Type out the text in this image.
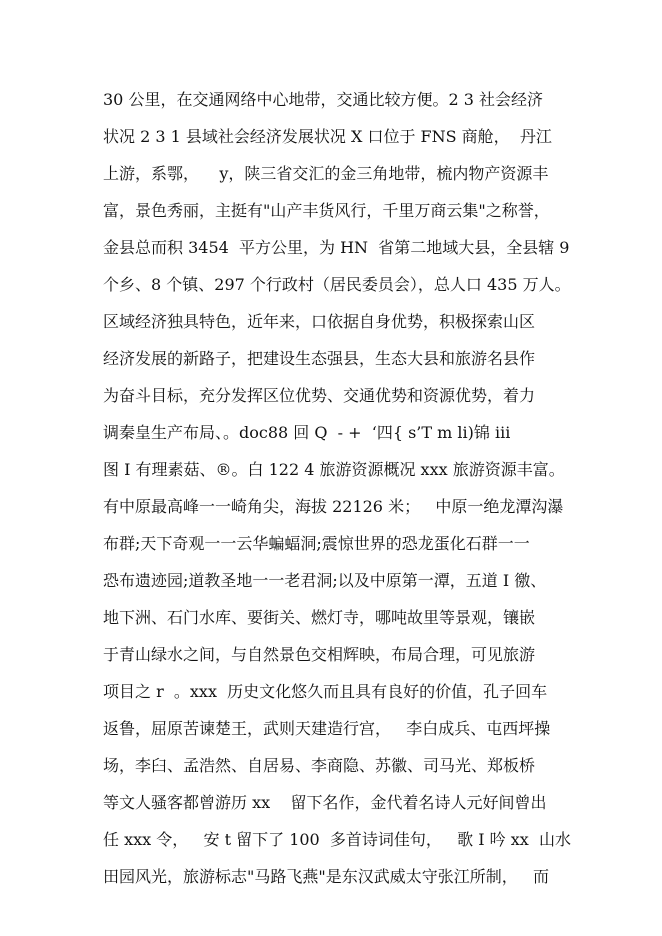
30 公里，在交通网络中心地带，交通比较方便。2 3 社会经济
状况 2 3 1 县域社会经济发展状况 X 口位于 FNS 商舱，  丹江
上游，系鄂，    y，陕三省交汇的金三角地带，梳内物产资源丰
富，景色秀丽，主挺有"山产丰货风行，千里万商云集"之称誉，
金县总而积 3454  平方公里，为 HN  省第二地域大县，全县辖 9
个乡、8 个镇、297 个行政村（居民委员会），总人口 435 万人。
区域经济独具特色，近年来，口依据自身优势，积极探索山区
经济发展的新路子，把建设生态强县，生态大县和旅游名县作
为奋斗目标，充分发挥区位优势、交通优势和资源优势，着力
调秦皇生产布局、。doc88 回 Q  - +  ‘四{ s’T m li)锦 iii
图 I 有理素菇、®。白 122 4 旅游资源概况 xxx 旅游资源丰富。
有中原最高峰一一崎角尖，海拔 22126 米；   中原一绝龙潭沟瀑
布群;天下奇观一一云华蝙蝠洞;震惊世界的恐龙蛋化石群一一
恐布遗迹园;道教圣地一一老君洞;以及中原第一潭，五道 I 徼、
地下洲、石门水库、要街关、燃灯寺，哪吨故里等景观，镶嵌
于青山绿水之间，与自然景色交相辉映，布局合理，可见旅游
项目之 r  。xxx  历史文化悠久而且具有良好的价值，孔子回车
返鲁，屈原苦谏楚王，武则天建造行宫，   李白成兵、屯西坪操
场，李臼、孟浩然、自居易、李商隐、苏徽、司马光、郑板桥
等文人骚客都曾游历 xx    留下名作，金代着名诗人元好间曾出
任 xxx 令，   安 t 留下了 100  多首诗词佳句，   歌 I 吟 xx  山水
田园风光，旅游标志"马路飞燕"是东汉武威太守张江所制，   而
